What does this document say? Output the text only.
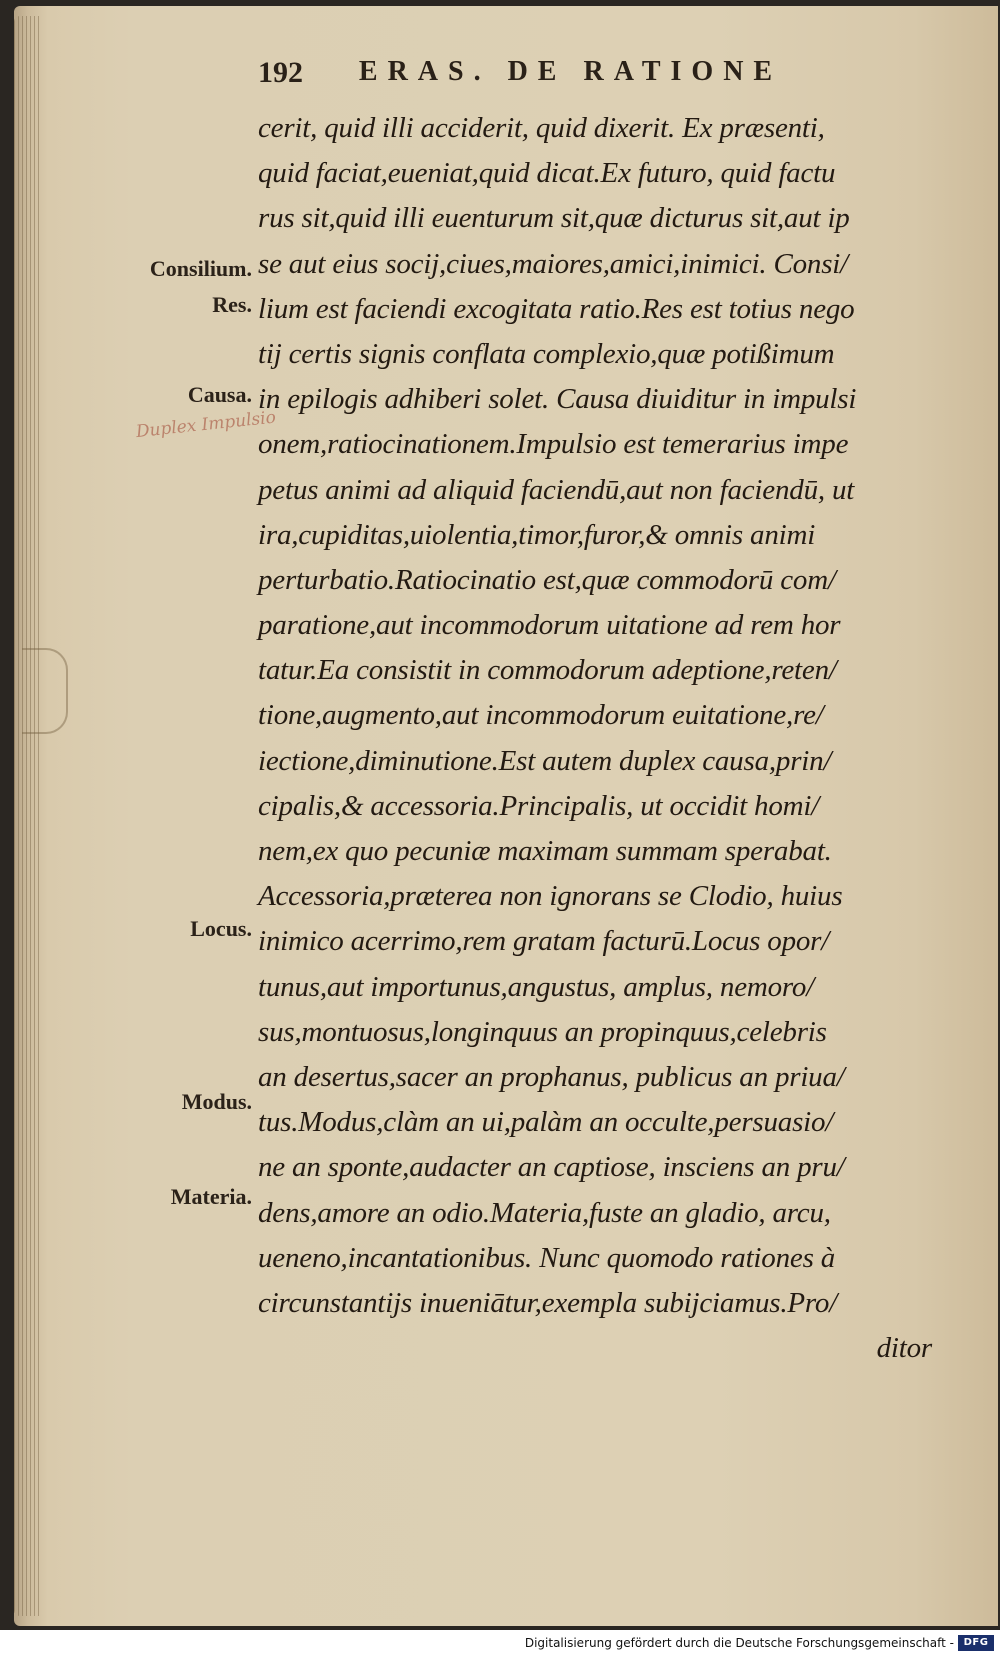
192 ERAS. DE RATIONE
cerit, quid illi acciderit, quid dixerit. Ex præsenti,
quid faciat,eueniat,quid dicat.Ex futuro, quid factu
rus sit,quid illi euenturum sit,quæ dicturus sit,aut ip
se aut eius socij,ciues,maiores,amici,inimici. Consi/
lium est faciendi excogitata ratio.Res est totius nego
tij certis signis conflata complexio,quæ potißimum
in epilogis adhiberi solet. Causa diuiditur in impulsi
onem,ratiocinationem.Impulsio est temerarius impe
petus animi ad aliquid faciendū,aut non faciendū, ut
ira,cupiditas,uiolentia,timor,furor,& omnis animi
perturbatio.Ratiocinatio est,quæ commodorū com/
paratione,aut incommodorum uitatione ad rem hor
tatur.Ea consistit in commodorum adeptione,reten/
tione,augmento,aut incommodorum euitatione,re/
iectione,diminutione.Est autem duplex causa,prin/
cipalis,& accessoria.Principalis, ut occidit homi/
nem,ex quo pecuniæ maximam summam sperabat.
Accessoria,præterea non ignorans se Clodio, huius
inimico acerrimo,rem gratam facturū.Locus opor/
tunus,aut importunus,angustus, amplus, nemoro/
sus,montuosus,longinquus an propinquus,celebris
an desertus,sacer an prophanus, publicus an priua/
tus.Modus,clàm an ui,palàm an occulte,persuasio/
ne an sponte,audacter an captiose, insciens an pru/
dens,amore an odio.Materia,fuste an gladio, arcu,
ueneno,incantationibus. Nunc quomodo rationes à
circunstantijs inueniātur,exempla subijciamus.Pro/
ditor
Consilium.
Res.
Causa.
Locus.
Modus.
Materia.
Duplex Impulsio
Digitalisierung gefördert durch die Deutsche Forschungsgemeinschaft - DFG
